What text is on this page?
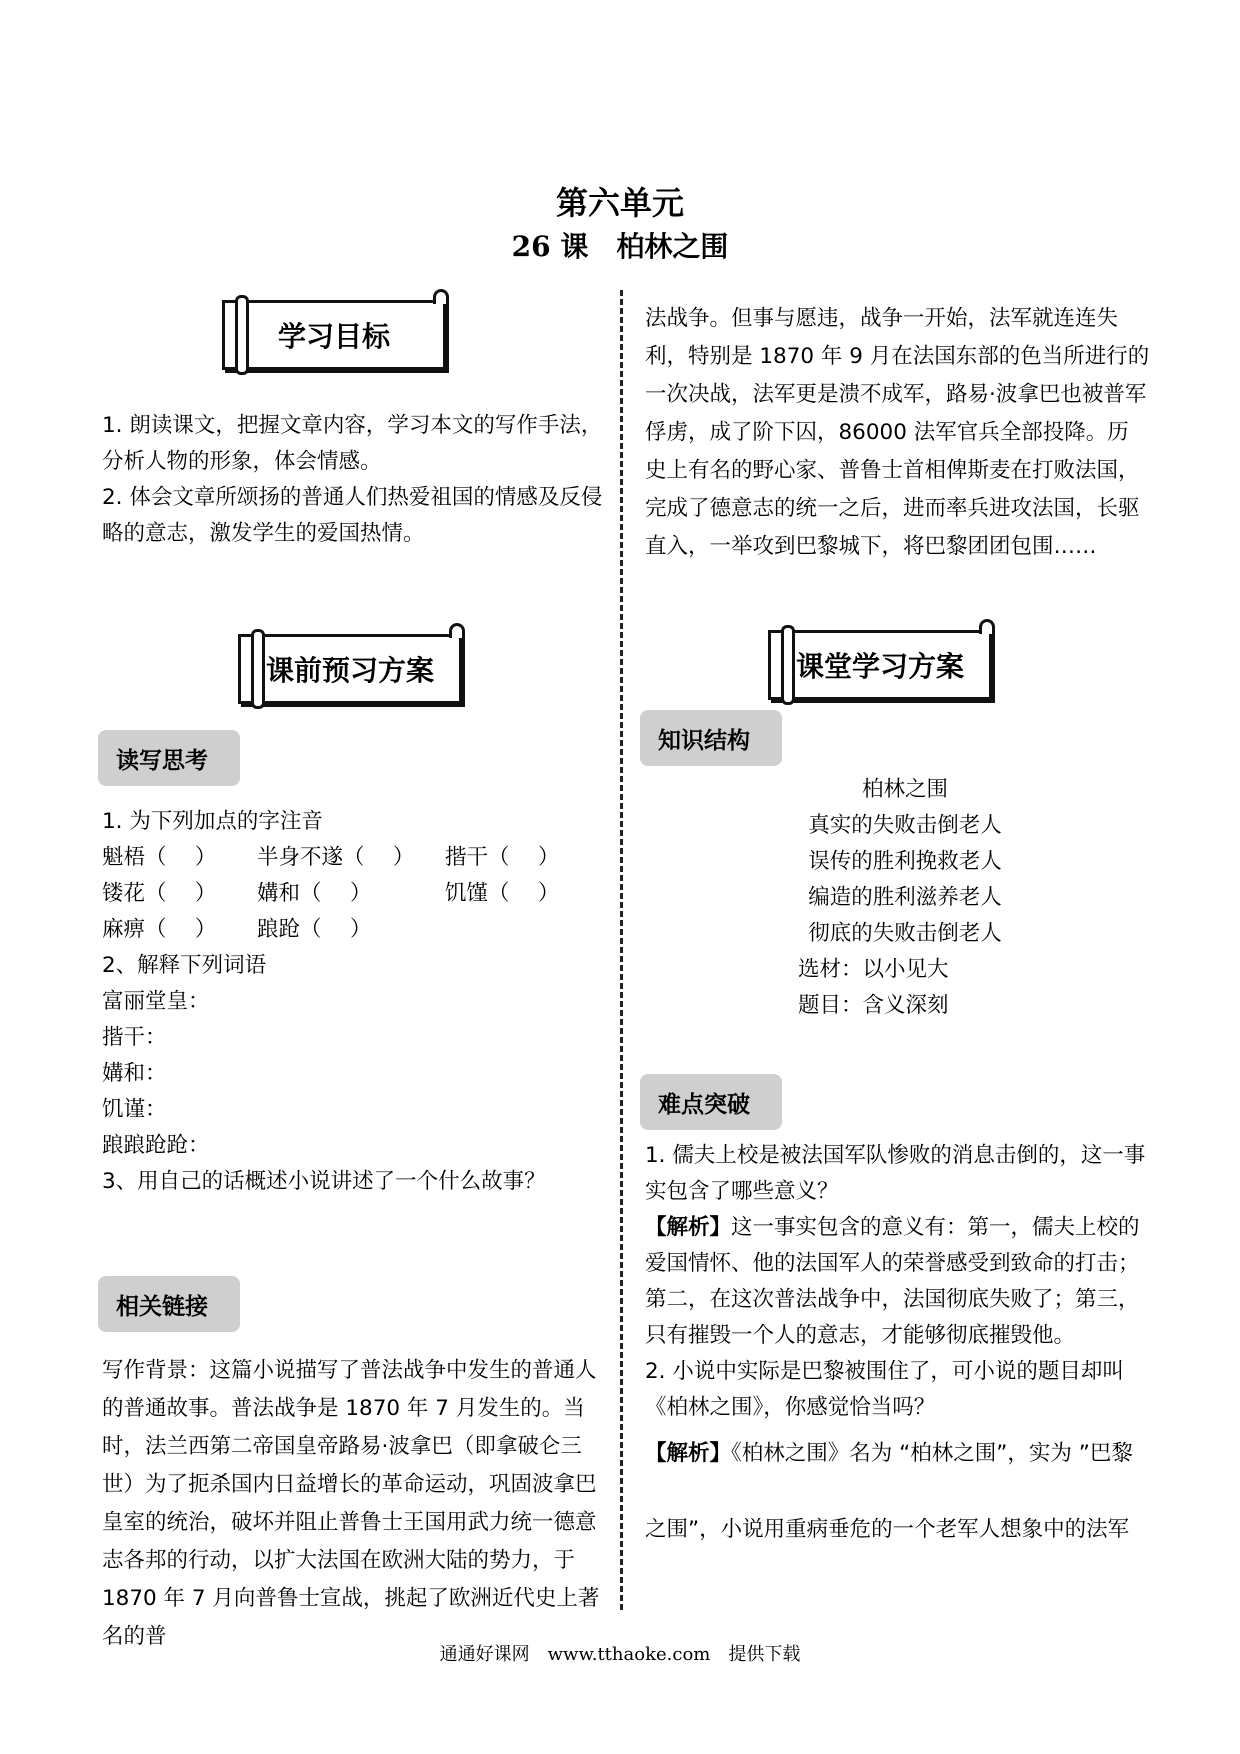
第六单元
26 课　柏林之围
学习目标

1. 朗读课文，把握文章内容，学习本文的写作手法，分析人物的形象，体会情感。

2. 体会文章所颂扬的普通人们热爱祖国的情感及反侵略的意志，激发学生的爱国热情。

课前预习方案
读写思考

1. 为下列加点的字注音

魁梧（　 ）	半身不遂（　 ）	揩干（　 ）
镂花（　 ）	媾和（　 ）	饥馑（　 ）
麻痹（　 ）	踉跄（　 ）

2、解释下列词语

富丽堂皇：

揩干：

媾和：

饥谨：

踉踉跄跄：

3、用自己的话概述小说讲述了一个什么故事？

相关链接
写作背景：这篇小说描写了普法战争中发生的普通人的普通故事。普法战争是 1870 年 7 月发生的。当时，法兰西第二帝国皇帝路易·波拿巴（即拿破仑三世）为了扼杀国内日益增长的革命运动，巩固波拿巴皇室的统治，破坏并阻止普鲁士王国用武力统一德意志各邦的行动，以扩大法国在欧洲大陆的势力，于 1870 年 7 月向普鲁士宣战，挑起了欧洲近代史上著名的普
法战争。但事与愿违，战争一开始，法军就连连失利，特别是 1870 年 9 月在法国东部的色当所进行的一次决战，法军更是溃不成军，路易·波拿巴也被普军俘虏，成了阶下囚，86000 法军官兵全部投降。历史上有名的野心家、普鲁士首相俾斯麦在打败法国，完成了德意志的统一之后，进而率兵进攻法国，长驱直入，一举攻到巴黎城下，将巴黎团团包围……
课堂学习方案
知识结构

柏林之围

真实的失败击倒老人

误传的胜利挽救老人

编造的胜利滋养老人

彻底的失败击倒老人

选材：以小见大

题目：含义深刻

难点突破

1. 儒夫上校是被法国军队惨败的消息击倒的，这一事实包含了哪些意义？

【解析】这一事实包含的意义有：第一，儒夫上校的爱国情怀、他的法国军人的荣誉感受到致命的打击；第二，在这次普法战争中，法国彻底失败了；第三，只有摧毁一个人的意志，才能够彻底摧毁他。

2. 小说中实际是巴黎被围住了，可小说的题目却叫《柏林之围》，你感觉恰当吗？

【解析】《柏林之围》名为 “柏林之围”，实为 ”巴黎
之围”，小说用重病垂危的一个老军人想象中的法军
通通好课网　www.tthaoke.com　提供下载
